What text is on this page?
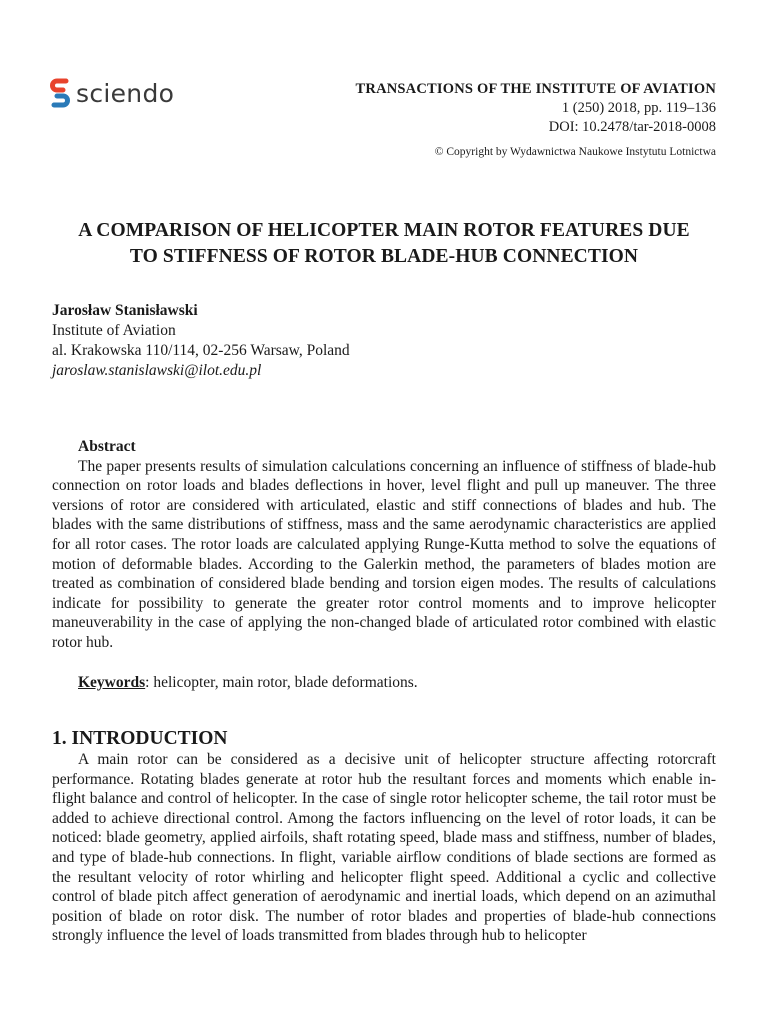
sciendo	TRANSACTIONS OF THE INSTITUTE OF AVIATION
1 (250) 2018, pp. 119–136
DOI: 10.2478/tar-2018-0008
© Copyright by Wydawnictwa Naukowe Instytutu Lotnictwa
A COMPARISON OF HELICOPTER MAIN ROTOR FEATURES DUE
TO STIFFNESS OF ROTOR BLADE-HUB CONNECTION
Jarosław Stanisławski
Institute of Aviation
al. Krakowska 110/114, 02-256 Warsaw, Poland
jaroslaw.stanislawski@ilot.edu.pl
Abstract

The paper presents results of simulation calculations concerning an influence of stiffness of blade-hub connection on rotor loads and blades deflections in hover, level flight and pull up maneuver. The three versions of rotor are considered with articulated, elastic and stiff connections of blades and hub. The blades with the same distributions of stiffness, mass and the same aerodynamic characteristics are applied for all rotor cases. The rotor loads are calculated applying Runge-Kutta method to solve the equations of motion of deformable blades. According to the Galerkin method, the parameters of blades motion are treated as combination of considered blade bending and torsion eigen modes. The results of calculations indicate for possibility to generate the greater rotor control moments and to improve helicopter maneuverability in the case of applying the non-changed blade of articulated rotor combined with elastic rotor hub.

Keywords: helicopter, main rotor, blade deformations.
1. INTRODUCTION

A main rotor can be considered as a decisive unit of helicopter structure affecting rotorcraft performance. Rotating blades generate at rotor hub the resultant forces and moments which enable in-flight balance and control of helicopter. In the case of single rotor helicopter scheme, the tail rotor must be added to achieve directional control. Among the factors influencing on the level of rotor loads, it can be noticed: blade geometry, applied airfoils, shaft rotating speed, blade mass and stiffness, number of blades, and type of blade-hub connections. In flight, variable airflow conditions of blade sections are formed as the resultant velocity of rotor whirling and helicopter flight speed. Additional a cyclic and collective control of blade pitch affect generation of aerodynamic and inertial loads, which depend on an azimuthal position of blade on rotor disk. The number of rotor blades and properties of blade-hub connections strongly influence the level of loads transmitted from blades through hub to helicopter
